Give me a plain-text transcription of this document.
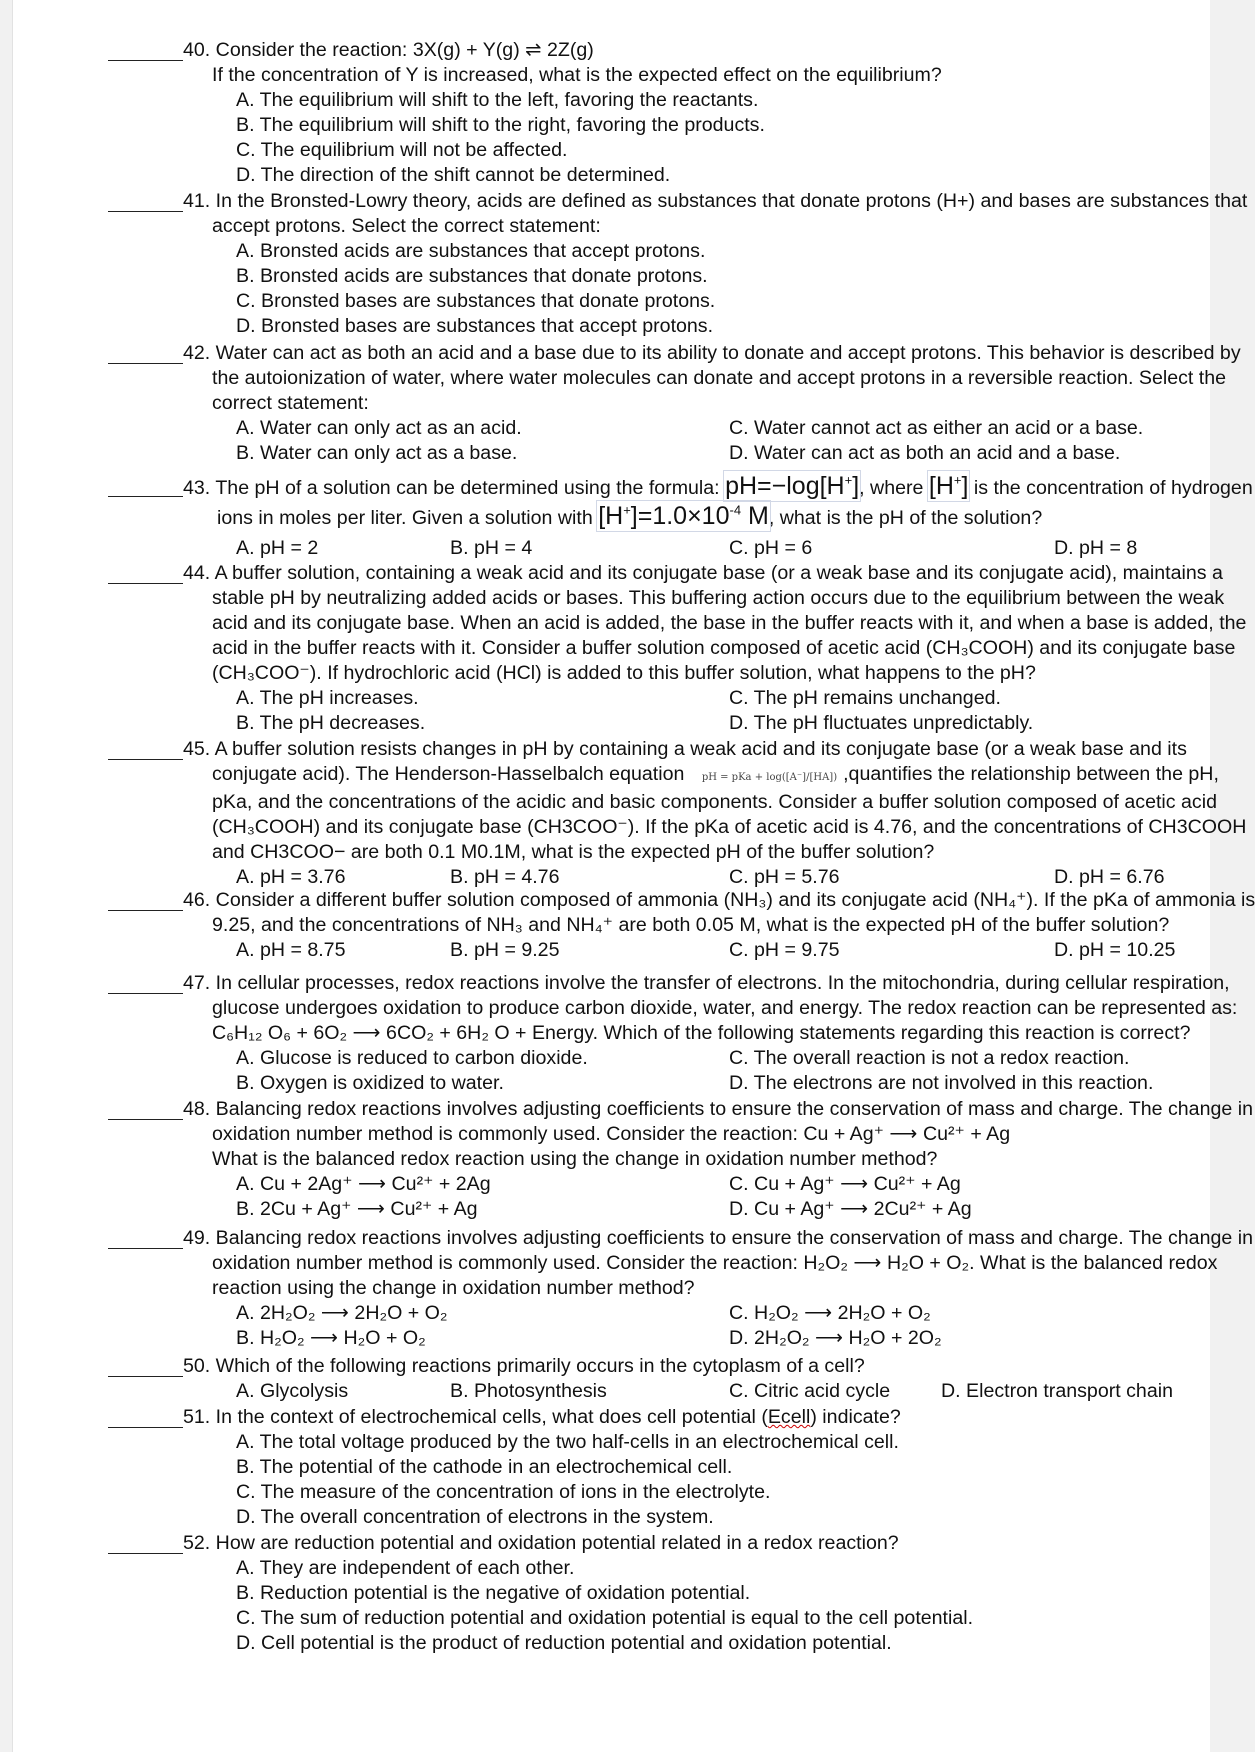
40. Consider the reaction: 3X(g) + Y(g) ⇌ 2Z(g)
If the concentration of Y is increased, what is the expected effect on the equilibrium?
A. The equilibrium will shift to the left, favoring the reactants.
B. The equilibrium will shift to the right, favoring the products.
C. The equilibrium will not be affected.
D. The direction of the shift cannot be determined.
41. In the Bronsted-Lowry theory, acids are defined as substances that donate protons (H+) and bases are substances that
accept protons. Select the correct statement:
A. Bronsted acids are substances that accept protons.
B. Bronsted acids are substances that donate protons.
C. Bronsted bases are substances that donate protons.
D. Bronsted bases are substances that accept protons.
42. Water can act as both an acid and a base due to its ability to donate and accept protons. This behavior is described by
the autoionization of water, where water molecules can donate and accept protons in a reversible reaction. Select the
correct statement:
A. Water can only act as an acid.	C. Water cannot act as either an acid or a base.
B. Water can only act as a base.	D. Water can act as both an acid and a base.
43. The pH of a solution can be determined using the formula: pH=−log[H+], where [H+] is the concentration of hydrogen
ions in moles per liter. Given a solution with $[H^+]=1.0\times 10^{-4}$ M, what is the pH of the solution?
A. pH = 2	B. pH = 4	C. pH = 6	D. pH = 8
44. A buffer solution, containing a weak acid and its conjugate base (or a weak base and its conjugate acid), maintains a
stable pH by neutralizing added acids or bases. This buffering action occurs due to the equilibrium between the weak
acid and its conjugate base. When an acid is added, the base in the buffer reacts with it, and when a base is added, the
acid in the buffer reacts with it. Consider a buffer solution composed of acetic acid (CH₃COOH) and its conjugate base
(CH₃COO⁻). If hydrochloric acid (HCl) is added to this buffer solution, what happens to the pH?
A. The pH increases.	C. The pH remains unchanged.
B. The pH decreases.	D. The pH fluctuates unpredictably.
45. A buffer solution resists changes in pH by containing a weak acid and its conjugate base (or a weak base and its
conjugate acid). The Henderson-Hasselbalch equation pH = pKa + log([A⁻]/[HA]) ,quantifies the relationship between the pH,
pKa, and the concentrations of the acidic and basic components. Consider a buffer solution composed of acetic acid
(CH₃COOH) and its conjugate base (CH3COO⁻). If the pKa of acetic acid is 4.76, and the concentrations of CH3COOH
and CH3COO− are both 0.1 M0.1M, what is the expected pH of the buffer solution?
A. pH = 3.76	B. pH = 4.76	C. pH = 5.76	D. pH = 6.76
46. Consider a different buffer solution composed of ammonia (NH₃) and its conjugate acid (NH₄⁺). If the pKa of ammonia is
9.25, and the concentrations of NH₃ and NH₄⁺ are both 0.05 M, what is the expected pH of the buffer solution?
A. pH = 8.75	B. pH = 9.25	C. pH = 9.75	D. pH = 10.25
47. In cellular processes, redox reactions involve the transfer of electrons. In the mitochondria, during cellular respiration,
glucose undergoes oxidation to produce carbon dioxide, water, and energy. The redox reaction can be represented as:
C₆H₁₂ O₆ + 6O₂ ⟶ 6CO₂ + 6H₂ O + Energy. Which of the following statements regarding this reaction is correct?
A. Glucose is reduced to carbon dioxide.	C. The overall reaction is not a redox reaction.
B. Oxygen is oxidized to water.	D. The electrons are not involved in this reaction.
48. Balancing redox reactions involves adjusting coefficients to ensure the conservation of mass and charge. The change in
oxidation number method is commonly used. Consider the reaction: Cu + Ag⁺ ⟶ Cu²⁺ + Ag
What is the balanced redox reaction using the change in oxidation number method?
A. Cu + 2Ag⁺ ⟶ Cu²⁺ + 2Ag	C. Cu + Ag⁺ ⟶ Cu²⁺ + Ag
B. 2Cu + Ag⁺ ⟶ Cu²⁺ + Ag	D. Cu + Ag⁺ ⟶ 2Cu²⁺ + Ag
49. Balancing redox reactions involves adjusting coefficients to ensure the conservation of mass and charge. The change in
oxidation number method is commonly used. Consider the reaction: H₂O₂ ⟶ H₂O + O₂. What is the balanced redox
reaction using the change in oxidation number method?
A. 2H₂O₂ ⟶ 2H₂O + O₂	C. H₂O₂ ⟶ 2H₂O + O₂
B. H₂O₂ ⟶ H₂O + O₂	D. 2H₂O₂ ⟶ H₂O + 2O₂
50. Which of the following reactions primarily occurs in the cytoplasm of a cell?
A. Glycolysis	B. Photosynthesis	C. Citric acid cycle	D. Electron transport chain
51. In the context of electrochemical cells, what does cell potential (Ecell) indicate?
A. The total voltage produced by the two half-cells in an electrochemical cell.
B. The potential of the cathode in an electrochemical cell.
C. The measure of the concentration of ions in the electrolyte.
D. The overall concentration of electrons in the system.
52. How are reduction potential and oxidation potential related in a redox reaction?
A. They are independent of each other.
B. Reduction potential is the negative of oxidation potential.
C. The sum of reduction potential and oxidation potential is equal to the cell potential.
D. Cell potential is the product of reduction potential and oxidation potential.
